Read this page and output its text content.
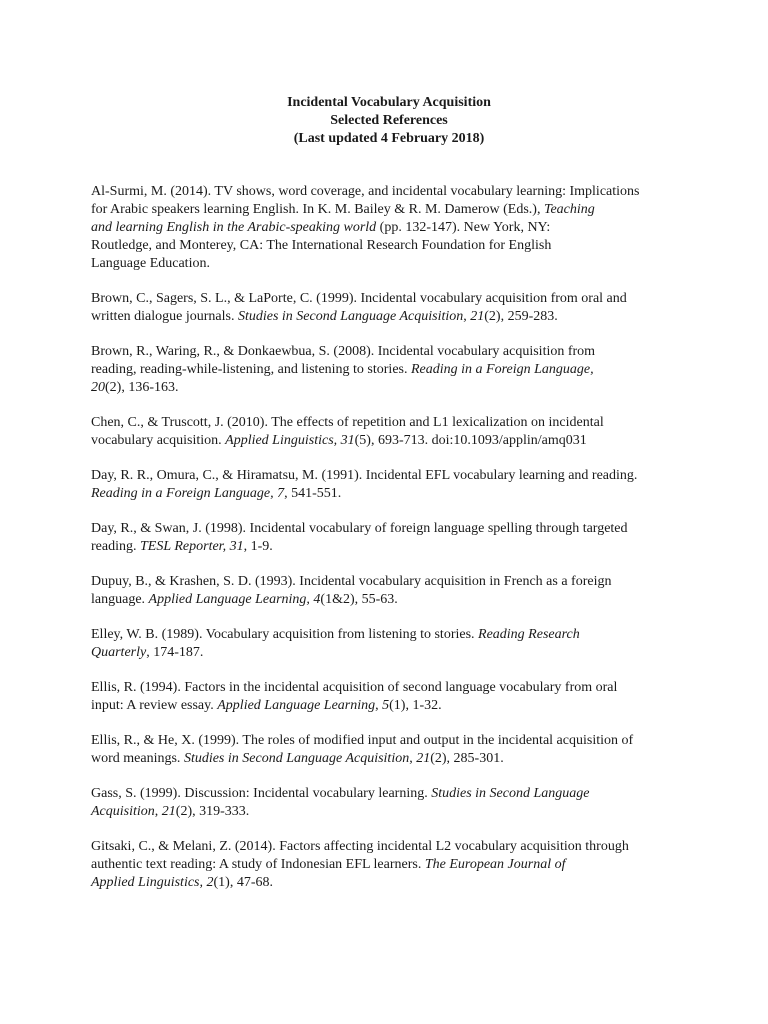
Incidental Vocabulary Acquisition
Selected References
(Last updated 4 February 2018)
Al-Surmi, M. (2014). TV shows, word coverage, and incidental vocabulary learning: Implications
for Arabic speakers learning English. In K. M. Bailey & R. M. Damerow (Eds.), Teaching
and learning English in the Arabic-speaking world (pp. 132-147). New York, NY:
Routledge, and Monterey, CA: The International Research Foundation for English
Language Education.
Brown, C., Sagers, S. L., & LaPorte, C. (1999). Incidental vocabulary acquisition from oral and
written dialogue journals. Studies in Second Language Acquisition, 21(2), 259-283.
Brown, R., Waring, R., & Donkaewbua, S. (2008). Incidental vocabulary acquisition from
reading, reading-while-listening, and listening to stories. Reading in a Foreign Language,
20(2), 136-163.
Chen, C., & Truscott, J. (2010). The effects of repetition and L1 lexicalization on incidental
vocabulary acquisition. Applied Linguistics, 31(5), 693-713. doi:10.1093/applin/amq031
Day, R. R., Omura, C., & Hiramatsu, M. (1991). Incidental EFL vocabulary learning and reading.
Reading in a Foreign Language, 7, 541-551.
Day, R., & Swan, J. (1998). Incidental vocabulary of foreign language spelling through targeted
reading. TESL Reporter, 31, 1-9.
Dupuy, B., & Krashen, S. D. (1993). Incidental vocabulary acquisition in French as a foreign
language. Applied Language Learning, 4(1&2), 55-63.
Elley, W. B. (1989). Vocabulary acquisition from listening to stories. Reading Research
Quarterly, 174-187.
Ellis, R. (1994). Factors in the incidental acquisition of second language vocabulary from oral
input: A review essay. Applied Language Learning, 5(1), 1-32.
Ellis, R., & He, X. (1999). The roles of modified input and output in the incidental acquisition of
word meanings. Studies in Second Language Acquisition, 21(2), 285-301.
Gass, S. (1999). Discussion: Incidental vocabulary learning. Studies in Second Language
Acquisition, 21(2), 319-333.
Gitsaki, C., & Melani, Z. (2014). Factors affecting incidental L2 vocabulary acquisition through
authentic text reading: A study of Indonesian EFL learners. The European Journal of
Applied Linguistics, 2(1), 47-68.
